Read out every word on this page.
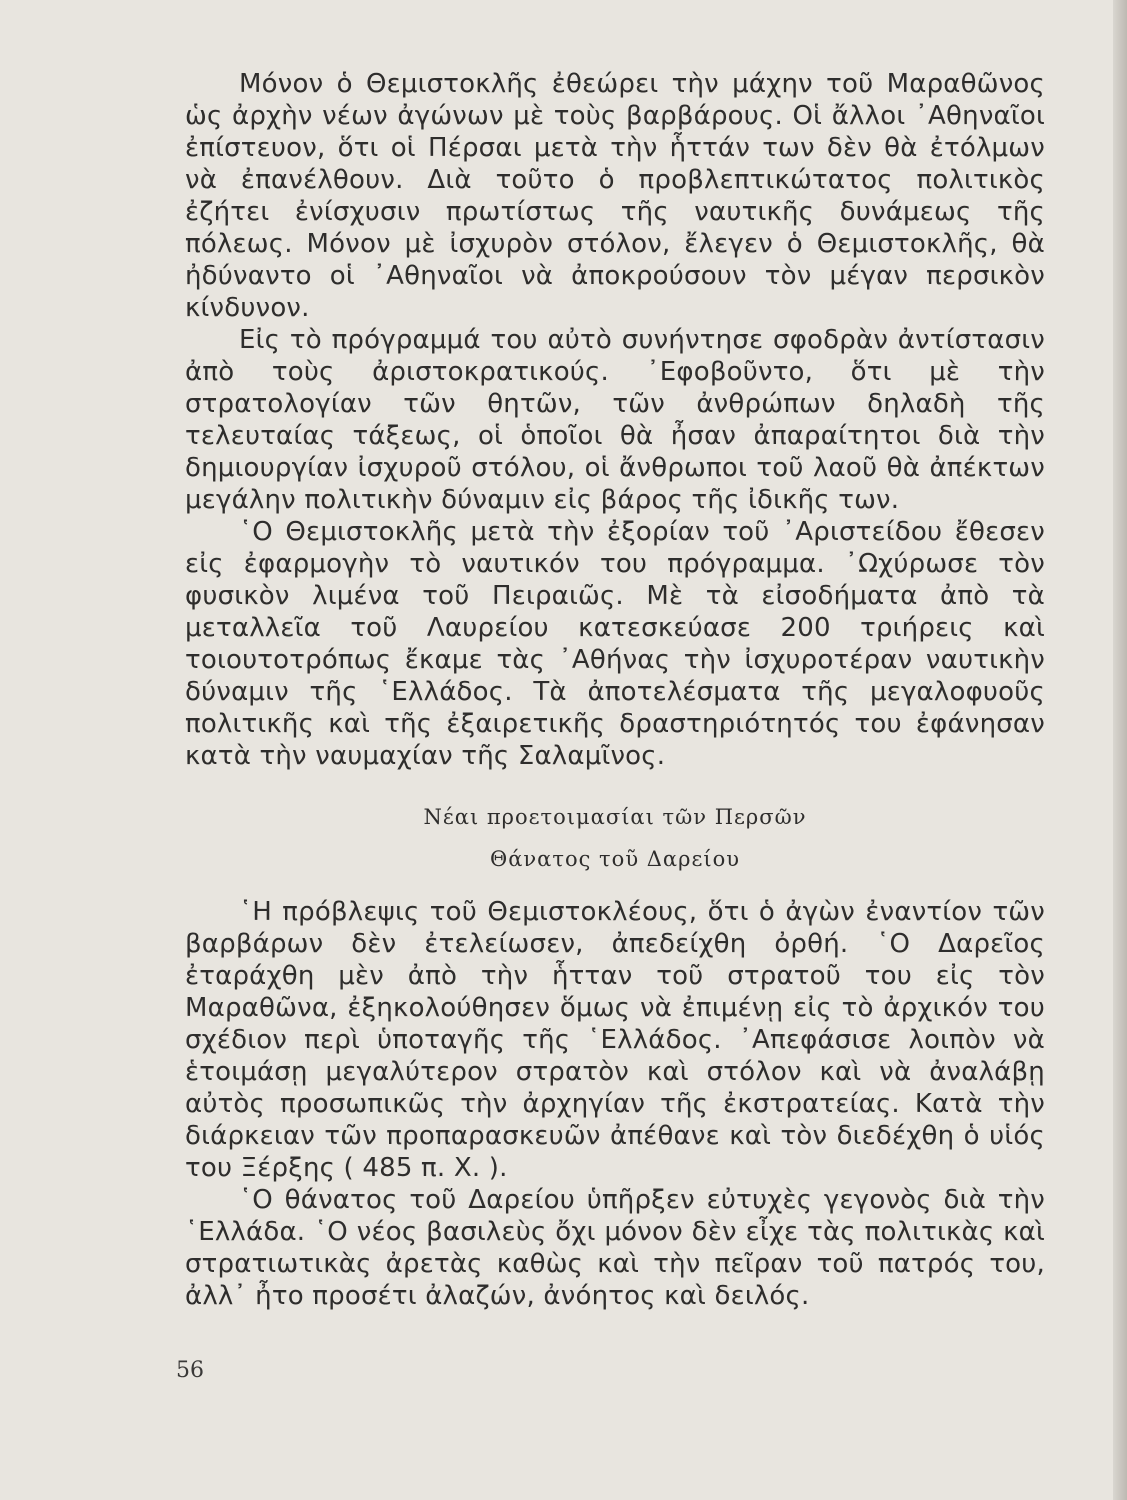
Μόνον ὁ Θεμιστοκλῆς ἐθεώρει τὴν μάχην τοῦ Μαραθῶνος ὡς ἀρχὴν νέων ἀγώνων μὲ τοὺς βαρβάρους. Οἱ ἄλλοι ᾿Αθηναῖοι ἐπίστευον, ὅτι οἱ Πέρσαι μετὰ τὴν ἧττάν των δὲν θὰ ἐτόλμων νὰ ἐπανέλθουν. Διὰ τοῦτο ὁ προβλεπτικώτατος πολιτικὸς ἐζήτει ἐνίσχυσιν πρωτίστως τῆς ναυτικῆς δυνάμεως τῆς πόλεως. Μόνον μὲ ἰσχυρὸν στόλον, ἔλεγεν ὁ Θεμιστοκλῆς, θὰ ἠδύναντο οἱ ᾿Αθηναῖοι νὰ ἀποκρούσουν τὸν μέγαν περσικὸν κίνδυνον.

Εἰς τὸ πρόγραμμά του αὐτὸ συνήντησε σφοδρὰν ἀντίστασιν ἀπὸ τοὺς ἀριστοκρατικούς. ᾿Εφοβοῦντο, ὅτι μὲ τὴν στρατολογίαν τῶν θητῶν, τῶν ἀνθρώπων δηλαδὴ τῆς τελευταίας τάξεως, οἱ ὁποῖοι θὰ ἦσαν ἀπαραίτητοι διὰ τὴν δημιουργίαν ἰσχυροῦ στόλου, οἱ ἄνθρωποι τοῦ λαοῦ θὰ ἀπέκτων μεγάλην πολιτικὴν δύναμιν εἰς βάρος τῆς ἰδικῆς των.

῾Ο Θεμιστοκλῆς μετὰ τὴν ἐξορίαν τοῦ ᾿Αριστείδου ἔθεσεν εἰς ἐφαρμογὴν τὸ ναυτικόν του πρόγραμμα. ᾿Ωχύρωσε τὸν φυσικὸν λιμένα τοῦ Πειραιῶς. Μὲ τὰ εἰσοδήματα ἀπὸ τὰ μεταλλεῖα τοῦ Λαυρείου κατεσκεύασε 200 τριήρεις καὶ τοιουτοτρόπως ἔκαμε τὰς ᾿Αθήνας τὴν ἰσχυροτέραν ναυτικὴν δύναμιν τῆς ῾Ελλάδος. Τὰ ἀποτελέσματα τῆς μεγαλοφυοῦς πολιτικῆς καὶ τῆς ἐξαιρετικῆς δραστηριότητός του ἐφάνησαν κατὰ τὴν ναυμαχίαν τῆς Σαλαμῖνος.

Νέαι προετοιμασίαι τῶν Περσῶν
Θάνατος τοῦ Δαρείου

῾Η πρόβλεψις τοῦ Θεμιστοκλέους, ὅτι ὁ ἀγὼν ἐναντίον τῶν βαρβάρων δὲν ἐτελείωσεν, ἀπεδείχθη ὀρθή. ῾Ο Δαρεῖος ἐταράχθη μὲν ἀπὸ τὴν ἧτταν τοῦ στρατοῦ του εἰς τὸν Μαραθῶνα, ἐξηκολούθησεν ὅμως νὰ ἐπιμένῃ εἰς τὸ ἀρχικόν του σχέδιον περὶ ὑποταγῆς τῆς ῾Ελλάδος. ᾿Απεφάσισε λοιπὸν νὰ ἑτοιμάσῃ μεγαλύτερον στρατὸν καὶ στόλον καὶ νὰ ἀναλάβῃ αὐτὸς προσωπικῶς τὴν ἀρχηγίαν τῆς ἐκστρατείας. Κατὰ τὴν διάρκειαν τῶν προπαρασκευῶν ἀπέθανε καὶ τὸν διεδέχθη ὁ υἱός του Ξέρξης ( 485 π. Χ. ).

῾Ο θάνατος τοῦ Δαρείου ὑπῆρξεν εὐτυχὲς γεγονὸς διὰ τὴν ῾Ελλάδα. ῾Ο νέος βασιλεὺς ὄχι μόνον δὲν εἶχε τὰς πολιτικὰς καὶ στρατιωτικὰς ἀρετὰς καθὼς καὶ τὴν πεῖραν τοῦ πατρός του, ἀλλ᾽ ἦτο προσέτι ἀλαζών, ἀνόητος καὶ δειλός.

56
